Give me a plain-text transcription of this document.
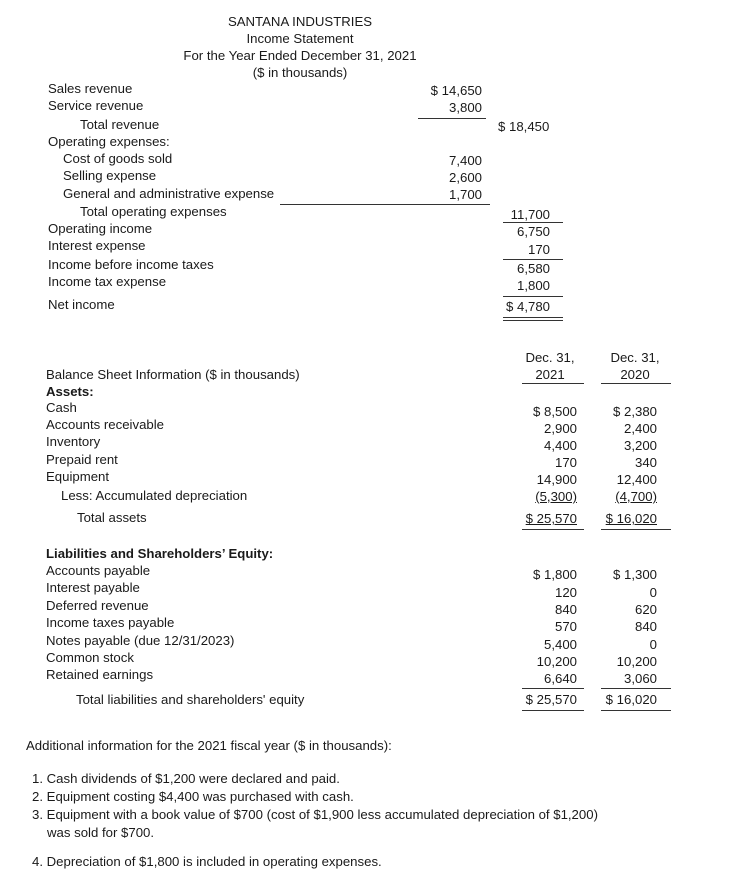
SANTANA INDUSTRIES
Income Statement
For the Year Ended December 31, 2021
($ in thousands)
Sales revenue	$ 14,650
Service revenue	3,800
Total revenue	$ 18,450
Operating expenses:
Cost of goods sold	7,400
Selling expense	2,600
General and administrative expense	1,700
Total operating expenses	11,700
Operating income	6,750
Interest expense	170
Income before income taxes	6,580
Income tax expense	1,800
Net income	$ 4,780
Dec. 31,
2021
Dec. 31,
2020
Balance Sheet Information ($ in thousands)
Assets:
Cash	$ 8,500	$ 2,380
Accounts receivable	2,900	2,400
Inventory	4,400	3,200
Prepaid rent	170	340
Equipment	14,900	12,400
Less: Accumulated depreciation	(5,300)	(4,700)
Total assets	$ 25,570	$ 16,020
Liabilities and Shareholders’ Equity:
Accounts payable	$ 1,800	$ 1,300
Interest payable	120	0
Deferred revenue	840	620
Income taxes payable	570	840
Notes payable (due 12/31/2023)	5,400	0
Common stock	10,200	10,200
Retained earnings	6,640	3,060
Total liabilities and shareholders' equity	$ 25,570	$ 16,020
Additional information for the 2021 fiscal year ($ in thousands):
1. Cash dividends of $1,200 were declared and paid.
2. Equipment costing $4,400 was purchased with cash.
3. Equipment with a book value of $700 (cost of $1,900 less accumulated depreciation of $1,200)
was sold for $700.
4. Depreciation of $1,800 is included in operating expenses.
